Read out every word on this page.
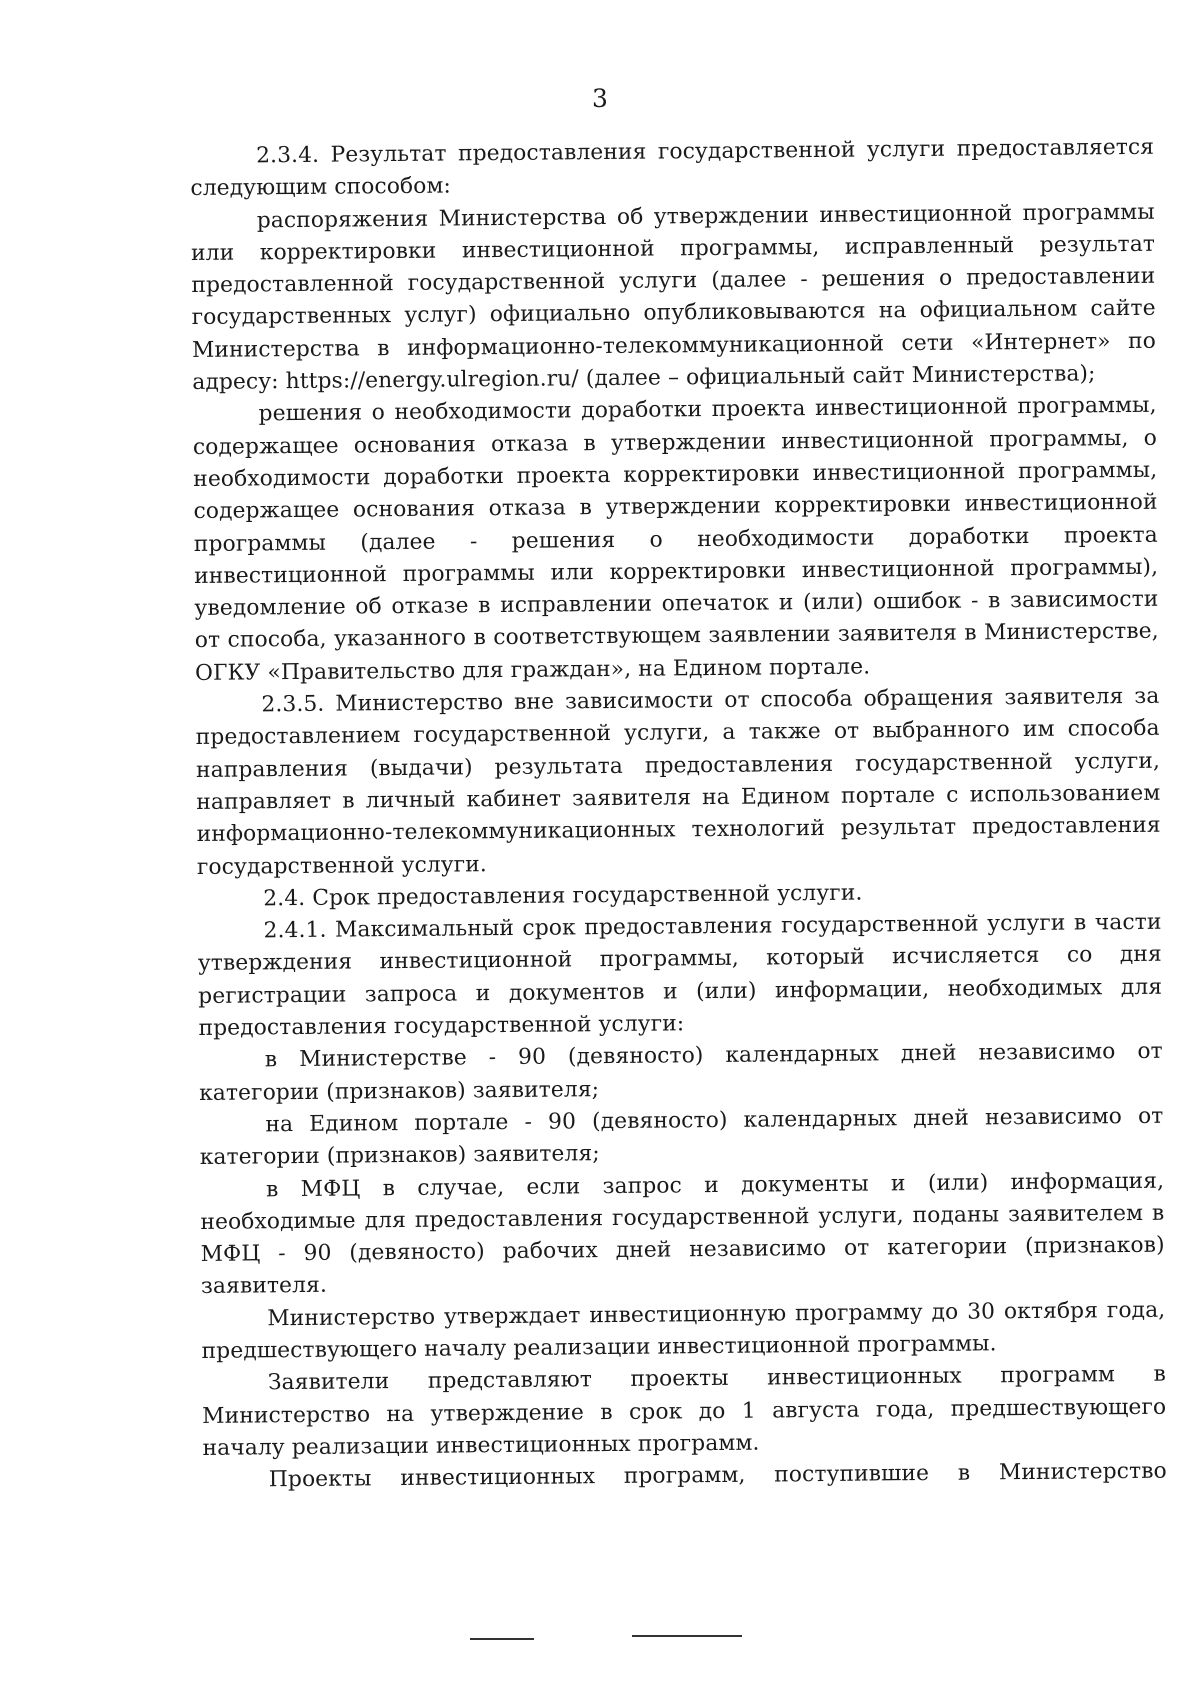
3

2.3.4. Результат предоставления государственной услуги предоставляется следующим способом:

распоряжения Министерства об утверждении инвестиционной программы или корректировки инвестиционной программы, исправленный результат предоставленной государственной услуги (далее - решения о предоставлении государственных услуг) официально опубликовываются на официальном сайте Министерства в информационно-телекоммуникационной сети «Интернет» по адресу: https://energy.ulregion.ru/ (далее – официальный сайт Министерства);

решения о необходимости доработки проекта инвестиционной программы, содержащее основания отказа в утверждении инвестиционной программы, о необходимости доработки проекта корректировки инвестиционной программы, содержащее основания отказа в утверждении корректировки инвестиционной программы (далее - решения о необходимости доработки проекта инвестиционной программы или корректировки инвестиционной программы), уведомление об отказе в исправлении опечаток и (или) ошибок - в зависимости от способа, указанного в соответствующем заявлении заявителя в Министерстве, ОГКУ «Правительство для граждан», на Едином портале.

2.3.5. Министерство вне зависимости от способа обращения заявителя за предоставлением государственной услуги, а также от выбранного им способа направления (выдачи) результата предоставления государственной услуги, направляет в личный кабинет заявителя на Едином портале с использованием информационно-телекоммуникационных технологий результат предоставления государственной услуги.

2.4. Срок предоставления государственной услуги.

2.4.1. Максимальный срок предоставления государственной услуги в части утверждения инвестиционной программы, который исчисляется со дня регистрации запроса и документов и (или) информации, необходимых для предоставления государственной услуги:

в Министерстве - 90 (девяносто) календарных дней независимо от категории (признаков) заявителя;

на Едином портале - 90 (девяносто) календарных дней независимо от категории (признаков) заявителя;

в МФЦ в случае, если запрос и документы и (или) информация, необходимые для предоставления государственной услуги, поданы заявителем в МФЦ - 90 (девяносто) рабочих дней независимо от категории (признаков) заявителя.

Министерство утверждает инвестиционную программу до 30 октября года, предшествующего началу реализации инвестиционной программы.

Заявители представляют проекты инвестиционных программ в Министерство на утверждение в срок до 1 августа года, предшествующего началу реализации инвестиционных программ.

Проекты инвестиционных программ, поступившие в Министерство
